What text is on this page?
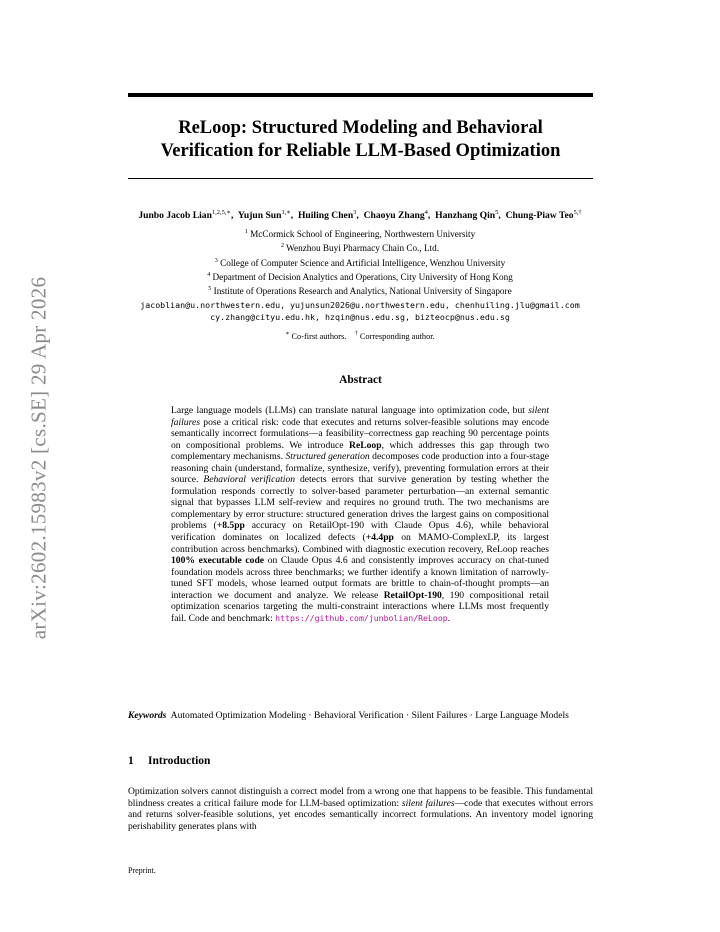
arXiv:2602.15983v2 [cs.SE] 29 Apr 2026
ReLoop: Structured Modeling and Behavioral
Verification for Reliable LLM-Based Optimization
Junbo Jacob Lian$^{1,2,5,∗}$,  Yujun Sun$^{1,∗}$,  Huiling Chen$^3$,  Chaoyu Zhang$^4$,  Hanzhang Qin$^5$,  Chung-Piaw Teo$^{5,\dagger}$
$^1$ McCormick School of Engineering, Northwestern University
$^2$ Wenzhou Buyi Pharmacy Chain Co., Ltd.
$^3$ College of Computer Science and Artificial Intelligence, Wenzhou University
$^4$ Department of Decision Analytics and Operations, City University of Hong Kong
$^5$ Institute of Operations Research and Analytics, National University of Singapore
jacoblian@u.northwestern.edu, yujunsun2026@u.northwestern.edu, chenhuiling.jlu@gmail.com
cy.zhang@cityu.edu.hk, hzqin@nus.edu.sg, bizteocp@nus.edu.sg
∗ Co-first authors. † Corresponding author.
Abstract
Large language models (LLMs) can translate natural language into optimization code, but silent failures pose a critical risk: code that executes and returns solver-feasible solutions may encode semantically incorrect formulations—a feasibility–correctness gap reaching 90 percentage points on compositional problems. We introduce ReLoop, which addresses this gap through two complementary mechanisms. Structured generation decomposes code production into a four-stage reasoning chain (understand, formalize, synthesize, verify), preventing formulation errors at their source. Behavioral verification detects errors that survive generation by testing whether the formulation responds correctly to solver-based parameter perturbation—an external semantic signal that bypasses LLM self-review and requires no ground truth. The two mechanisms are complementary by error structure: structured generation drives the largest gains on compositional problems (+8.5pp accuracy on RetailOpt-190 with Claude Opus 4.6), while behavioral verification dominates on localized defects (+4.4pp on MAMO-ComplexLP, its largest contribution across benchmarks). Combined with diagnostic execution recovery, ReLoop reaches 100% executable code on Claude Opus 4.6 and consistently improves accuracy on chat-tuned foundation models across three benchmarks; we further identify a known limitation of narrowly-tuned SFT models, whose learned output formats are brittle to chain-of-thought prompts—an interaction we document and analyze. We release RetailOpt-190, 190 compositional retail optimization scenarios targeting the multi-constraint interactions where LLMs most frequently fail. Code and benchmark: https://github.com/junbolian/ReLoop.
Keywords Automated Optimization Modeling · Behavioral Verification · Silent Failures · Large Language Models
1 Introduction
Optimization solvers cannot distinguish a correct model from a wrong one that happens to be feasible. This fundamental blindness creates a critical failure mode for LLM-based optimization: silent failures—code that executes without errors and returns solver-feasible solutions, yet encodes semantically incorrect formulations. An inventory model ignoring perishability generates plans with
Preprint.
